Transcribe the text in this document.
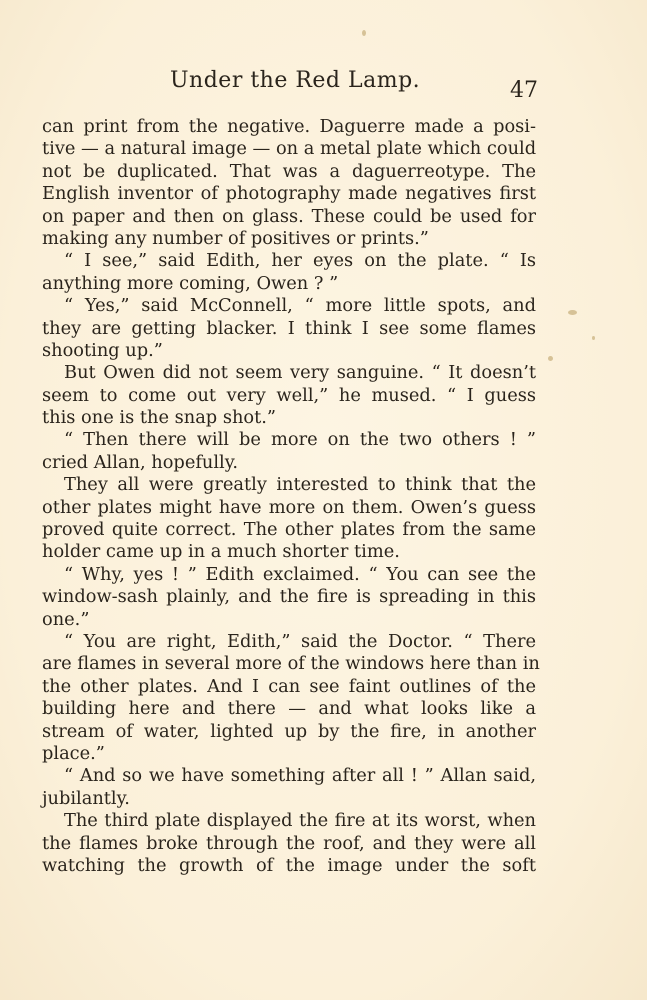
Under the Red Lamp.	47
can print from the negative. Daguerre made a posi-
tive — a natural image — on a metal plate which could
not be duplicated. That was a daguerreotype. The
English inventor of photography made negatives first
on paper and then on glass. These could be used for
making any number of positives or prints.”
“ I see,” said Edith, her eyes on the plate. “ Is
anything more coming, Owen ? ”
“ Yes,” said McConnell, “ more little spots, and
they are getting blacker. I think I see some flames
shooting up.”
But Owen did not seem very sanguine. “ It doesn’t
seem to come out very well,” he mused. “ I guess
this one is the snap shot.”
“ Then there will be more on the two others ! ”
cried Allan, hopefully.
They all were greatly interested to think that the
other plates might have more on them. Owen’s guess
proved quite correct. The other plates from the same
holder came up in a much shorter time.
“ Why, yes ! ” Edith exclaimed. “ You can see the
window-sash plainly, and the fire is spreading in this
one.”
“ You are right, Edith,” said the Doctor. “ There
are flames in several more of the windows here than in
the other plates. And I can see faint outlines of the
building here and there — and what looks like a
stream of water, lighted up by the fire, in another
place.”
“ And so we have something after all ! ” Allan said,
jubilantly.
The third plate displayed the fire at its worst, when
the flames broke through the roof, and they were all
watching the growth of the image under the soft
